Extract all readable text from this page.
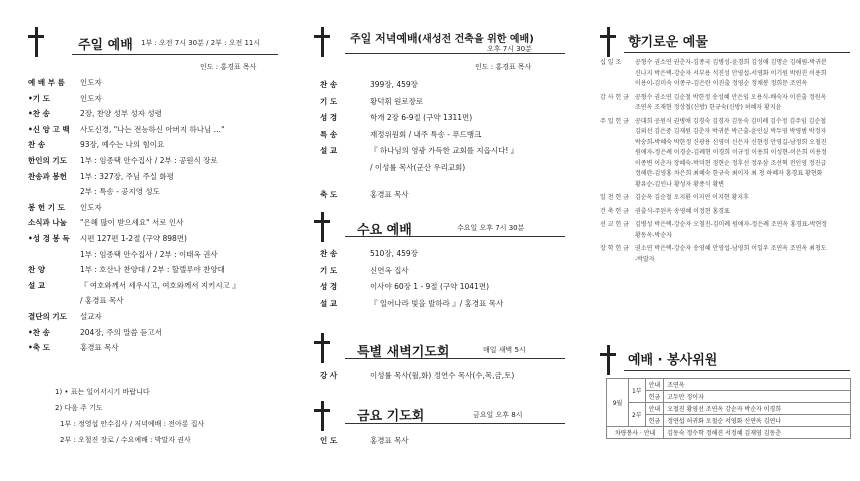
주일 예배 1부 : 오전 7시 30분 / 2부 : 오전 11시
인도 : 홍경표 목사
예 배 부 름 인도자
•기 도	인도자
•찬 송	2장, 찬양 성부 성자 성령
•신 앙 고 백 사도신경, "나는 전능하신 아버지 하나님 …"
찬 송	93장, 예수는 나의 힘이요
한인의 기도 1부 : 임종택 안수집사 / 2부 : 공원식 장로
찬송과 봉헌 1부 : 327장, 주님 주실 화평
2부 : 특송 - 공지영 성도
봉 헌 기 도 인도자
소식과 나눔 "은혜 많이 받으세요" 서로 인사
•성 경 봉 독 시편 127편 1-2절 (구약 898면)
1부 : 임종택 안수집사 / 2부 : 이태옥 권사
찬 양	1부 : 호산나 찬양대 / 2부 : 할렐루야 찬양대
설 교	『 여호와께서 세우시고, 여호와께서 지키시고 』
/ 홍경표 목사
결단의 기도 설교자
•찬 송	204장, 주의 말씀 듣고서
•축 도	홍경표 목사
1) • 표는 일어서시기 바랍니다
2) 다음 주 기도
1부 : 정영섭 안수집사 / 저녁예배 : 전아롱 집사
2부 : 오철진 장로 / 수요예배 : 박말자 권사
주일 저녁예배(새성전 건축을 위한 예배)
오후 7시 30분
인도 : 홍경표 목사
찬 송	399장, 459장
기 도	황덕휘 원로장로
성 경	학개 2장 6-9절 (구약 1311면)
특 송	재정위원회 / 내주 특송 - 푸드뱅크
설 교	『 하나님의 영광 가득한 교회를 지읍시다! 』
/ 이성률 목사(군산 우리교회)
축 도	홍경표 목사
수요 예배	수요일 오후 7시 30분
찬 송	510장, 459장
기 도	신연옥 집사
성 경	이사야 60장 1 - 9절 (구약 1041면)
설 교	『 일어나라 빛을 발하라 』/ 홍경표 목사
특별 새벽기도회	매일 새벽 5시
강 사	이성률 목사(월,화) 정연수 목사(수,목,금,토)
금요 기도회	금요일 오후 8시
인 도	홍경표 목사
향기로운 예물
십 일 조 공형수 권소연 권춘자-김종국 김병성-윤경희 김성애 김명순 김해림-박귀분
신나지 박은택-강순자 서부용 석진성 안영섭-서영화 이기원 박원진 이용희
이용이-김미숙 이종구-김은란 이진출 정영순 정채봉 정희문 조연옥
감 사 헌 금 공형수 권소연 김순철 박한정 송성혜 안은임 오용식-배숙자 이진출 정원옥
조연옥 조재현 정상철(신방) 한규숙(신방) 허혜자 황지윤
주 일 헌 금 공대희 공원식 권병애 김경숙 김경자 김동숙 김미례 김수정 김주임 김순철
김외선 김은중 김재원 김춘자 박귀분 박근출-윤인실 박두영 박영범 박정자
박숭희-박혜숙 박한정 신광용 신영미 신은자 신현정 안영길-남정희 오철진
원애자-정은례 이경순-김례현 이경희 이규정 이용희 이성현-이은희 이용정
이종변 이춘자 장혜숙-박미현 정현순 정후선 정우삼 조선혁 전인영 정진급
정해란-김영홍 차은희 최혜숙 한규숙 최이자 최 청 하혜자 홍경표 황현화
황유순-김인나 황성자 황종식 황변
일 천 헌 금 김순옥 김순철 오지환 이지연 이지현 황지후
건 축 헌 금 권출식-주된옥 송영혜 이정현 홍경표
선 교 헌 금 김병성 박은택-강순자 오철진-김미례 원애자-정은례 조연옥 홍경표-박현정
황동옥-박순자
장 학 헌 금 권소연 박은택-강순자 송영혜 안영섭-남영희 이일우 조연옥 조연옥 최청도
-박말자
예배 · 봉사위원
9월	1부	안내	조연옥
		헌금	고두만 정이자
	2부	안내	오철진 황영선 조연옥 강순자 박순자 이경희
		헌금	정연섭 허귀화 오철순 서영화 신연옥 김연나
차량봉사 · 안내			김동숙 정수학 정해진 서정혜 김재영 김동춘
